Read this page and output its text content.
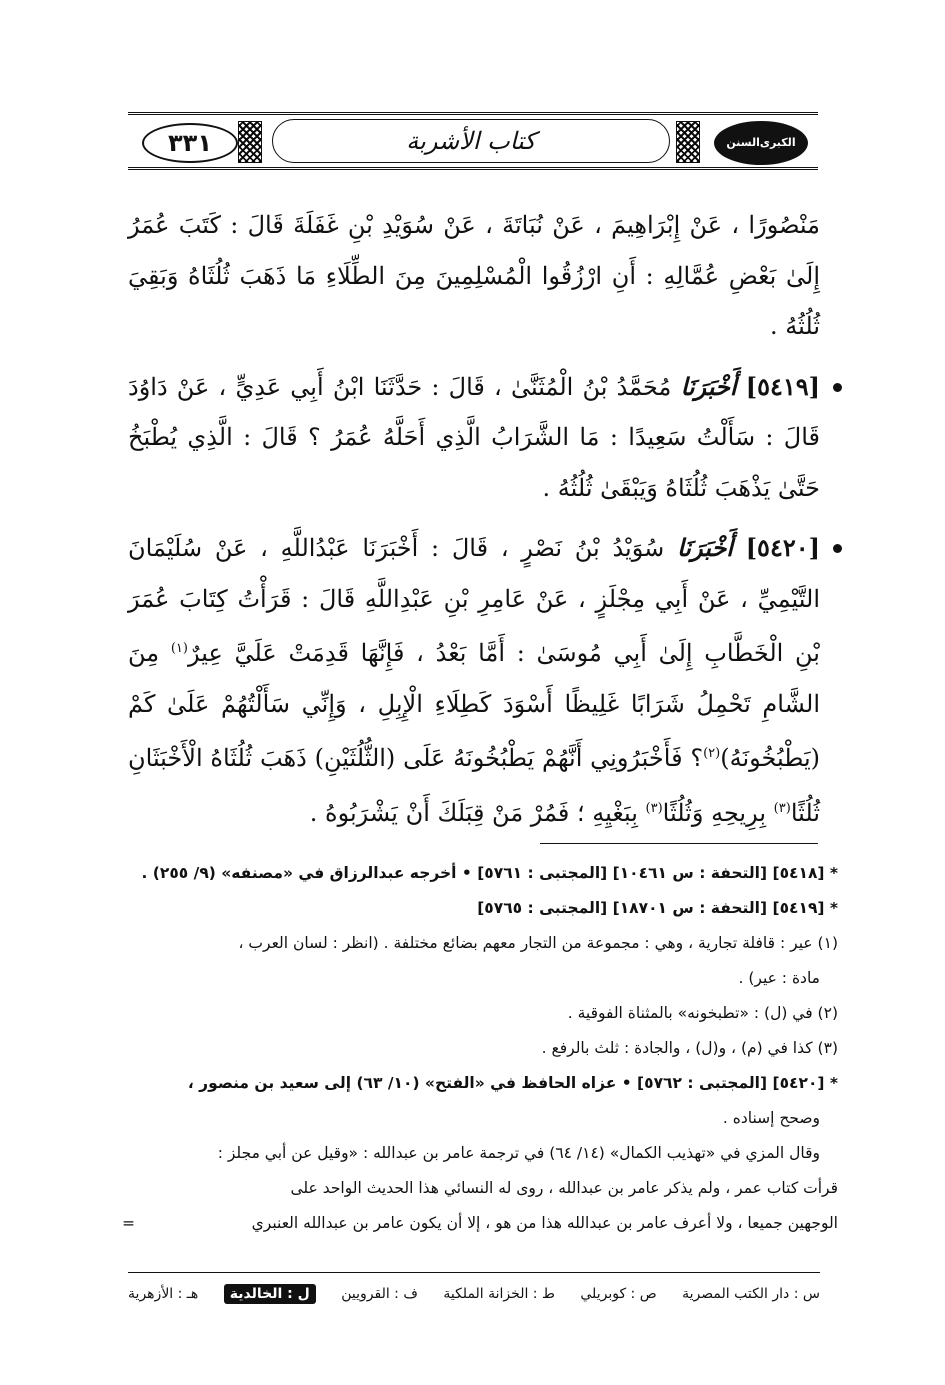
٣٣١	كتاب الأشربة	السنن الكبرى

مَنْصُورًا ، عَنْ إِبْرَاهِيمَ ، عَنْ نُبَاتَةَ ، عَنْ سُوَيْدِ بْنِ غَفَلَةَ قَالَ : كَتَبَ عُمَرُ إِلَىٰ بَعْضِ عُمَّالِهِ : أَنِ ارْزُقُوا الْمُسْلِمِينَ مِنَ الطِّلَاءِ مَا ذَهَبَ ثُلُثَاهُ وَبَقِيَ ثُلُثُهُ .

[٥٤١٩] أَخْبَرَنَا مُحَمَّدُ بْنُ الْمُثَنَّىٰ ، قَالَ : حَدَّثَنَا ابْنُ أَبِي عَدِيٍّ ، عَنْ دَاوُدَ قَالَ : سَأَلْتُ سَعِيدًا : مَا الشَّرَابُ الَّذِي أَحَلَّهُ عُمَرُ ؟ قَالَ : الَّذِي يُطْبَخُ حَتَّىٰ يَذْهَبَ ثُلُثَاهُ وَيَبْقَىٰ ثُلُثُهُ .

[٥٤٢٠] أَخْبَرَنَا سُوَيْدُ بْنُ نَصْرٍ ، قَالَ : أَخْبَرَنَا عَبْدُاللَّهِ ، عَنْ سُلَيْمَانَ التَّيْمِيِّ ، عَنْ أَبِي مِجْلَزٍ ، عَنْ عَامِرِ بْنِ عَبْدِاللَّهِ قَالَ : قَرَأْتُ كِتَابَ عُمَرَ بْنِ الْخَطَّابِ إِلَىٰ أَبِي مُوسَىٰ : أَمَّا بَعْدُ ، فَإِنَّهَا قَدِمَتْ عَلَيَّ عِيرٌ$^{(١)}$ مِنَ الشَّامِ تَحْمِلُ شَرَابًا غَلِيظًا أَسْوَدَ كَطِلَاءِ الْإِبِلِ ، وَإِنِّي سَأَلْتُهُمْ عَلَىٰ كَمْ (يَطْبُخُونَهُ)$^{(٢)}$؟ فَأَخْبَرُونِي أَنَّهُمْ يَطْبُخُونَهُ عَلَى (الثُّلُثَيْنِ) ذَهَبَ ثُلُثَاهُ الْأَخْبَثَانِ ثُلُثًا$^{(٣)}$ بِرِيحِهِ وَثُلُثًا$^{(٣)}$ بِبَغْيِهِ ؛ فَمُرْ مَنْ قِبَلَكَ أَنْ يَشْرَبُوهُ .

* [٥٤١٨] [التحفة : س ١٠٤٦١] [المجتبى : ٥٧٦١] • أخرجه عبدالرزاق في «مصنفه» (٩/ ٢٥٥) .

* [٥٤١٩] [التحفة : س ١٨٧٠١] [المجتبى : ٥٧٦٥]

(١) عير : قافلة تجارية ، وهي : مجموعة من التجار معهم بضائع مختلفة . (انظر : لسان العرب ،

مادة : عير) .

(٢) في (ل) : «تطبخونه» بالمثناة الفوقية .

(٣) كذا في (م) ، و(ل) ، والجادة : ثلث بالرفع .

* [٥٤٢٠] [المجتبى : ٥٧٦٢] • عزاه الحافظ في «الفتح» (١٠/ ٦٣) إلى سعيد بن منصور ،

وصحح إسناده .

وقال المزي في «تهذيب الكمال» (١٤/ ٦٤) في ترجمة عامر بن عبدالله : «وقيل عن أبي مجلز :

قرأت كتاب عمر ، ولم يذكر عامر بن عبدالله ، روى له النسائي هذا الحديث الواحد على

الوجهين جميعا ، ولا أعرف عامر بن عبدالله هذا من هو ، إلا أن يكون عامر بن عبدالله العنبري
=

س : دار الكتب المصرية
ص : كوبريلي
ط : الخزانة الملكية
ف : القرويين
ل : الخالدية
هـ : الأزهرية
